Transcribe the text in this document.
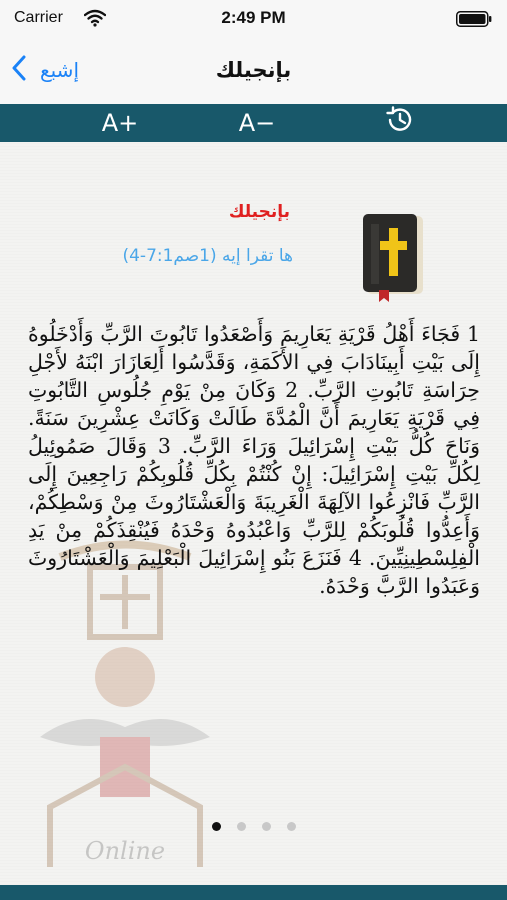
Carrier	2:49 PM
إشبع	بإنجيلك
A+	A−
Online
بإنجيلك
ها تقرا إيه (1صم7:1-4)
1 فَجَاءَ أَهْلُ قَرْيَةِ يَعَارِيمَ وَأَصْعَدُوا تَابُوتَ الرَّبِّ وَأَدْخَلُوهُ إِلَى بَيْتِ أَبِينَادَابَ فِي الأَكَمَةِ، وَقَدَّسُوا أَلِعَازَارَ ابْنَهُ لأَجْلِ حِرَاسَةِ تَابُوتِ الرَّبِّ. 2 وَكَانَ مِنْ يَوْمِ جُلُوسِ التَّابُوتِ فِي قَرْيَةِ يَعَارِيمَ أَنَّ الْمُدَّةَ طَالَتْ وَكَانَتْ عِشْرِينَ سَنَةً. وَنَاحَ كُلُّ بَيْتِ إِسْرَائِيلَ وَرَاءَ الرَّبِّ. 3 وَقَالَ صَمُوئِيلُ لِكُلِّ بَيْتِ إِسْرَائِيلَ: إِنْ كُنْتُمْ بِكُلِّ قُلُوبِكُمْ رَاجِعِينَ إِلَى الرَّبِّ فَانْزِعُوا الآلِهَةَ الْغَرِيبَةَ وَالْعَشْتَارُوثَ مِنْ وَسْطِكُمْ، وَأَعِدُّوا قُلُوبَكُمْ لِلرَّبِّ وَاعْبُدُوهُ وَحْدَهُ فَيُنْقِذَكُمْ مِنْ يَدِ الْفِلِسْطِينِيِّينَ. 4 فَنَزَعَ بَنُو إِسْرَائِيلَ الْبَعْلِيمَ وَالْعَشْتَارُوثَ وَعَبَدُوا الرَّبَّ وَحْدَهُ.
